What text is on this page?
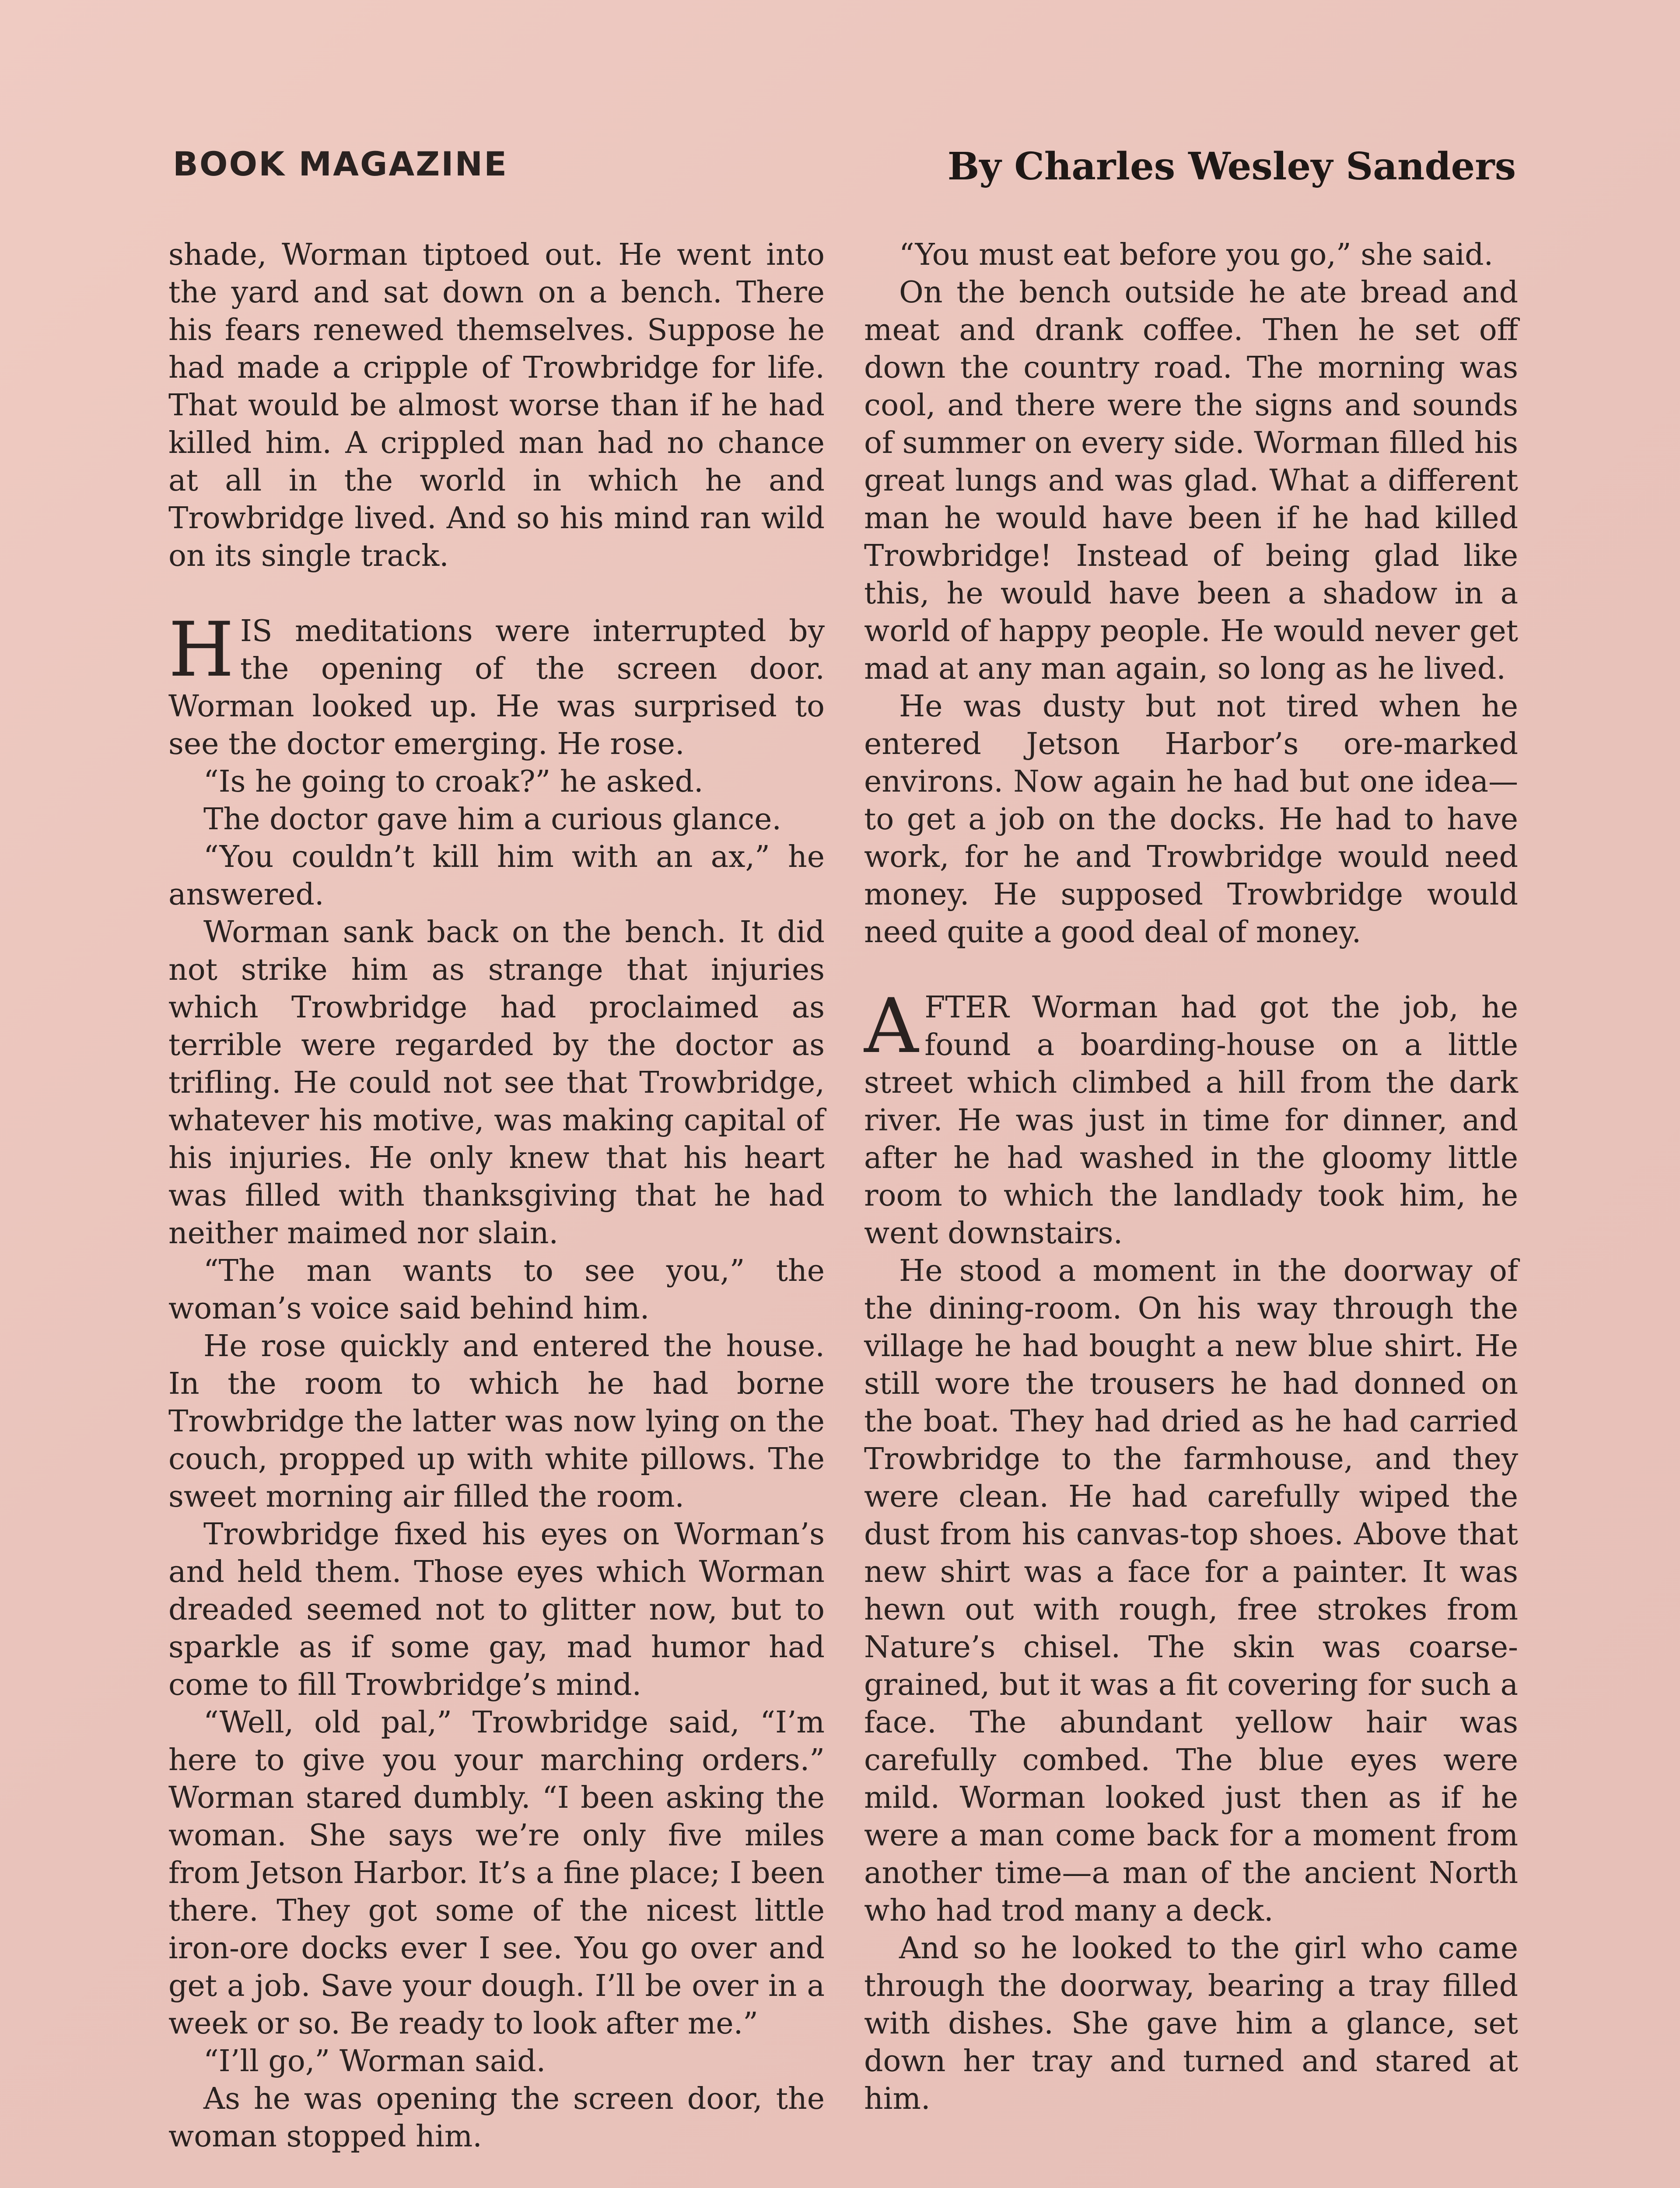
BOOK MAGAZINE	By Charles Wesley Sanders

shade, Worman tiptoed out. He went into the yard and sat down on a bench. There his fears renewed themselves. Suppose he had made a cripple of Trowbridge for life. That would be almost worse than if he had killed him. A crippled man had no chance at all in the world in which he and Trowbridge lived. And so his mind ran wild on its single track.

HIS meditations were interrupted by the opening of the screen door. Worman looked up. He was surprised to see the doctor emerging. He rose.

“Is he going to croak?” he asked.

The doctor gave him a curious glance.

“You couldn’t kill him with an ax,” he answered.

Worman sank back on the bench. It did not strike him as strange that injuries which Trowbridge had proclaimed as terrible were regarded by the doctor as trifling. He could not see that Trowbridge, whatever his motive, was making capital of his injuries. He only knew that his heart was filled with thanksgiving that he had neither maimed nor slain.

“The man wants to see you,” the woman’s voice said behind him.

He rose quickly and entered the house. In the room to which he had borne Trowbridge the latter was now lying on the couch, propped up with white pillows. The sweet morning air filled the room.

Trowbridge fixed his eyes on Worman’s and held them. Those eyes which Worman dreaded seemed not to glitter now, but to sparkle as if some gay, mad humor had come to fill Trowbridge’s mind.

“Well, old pal,” Trowbridge said, “I’m here to give you your marching orders.” Worman stared dumbly. “I been asking the woman. She says we’re only five miles from Jetson Harbor. It’s a fine place; I been there. They got some of the nicest little iron-ore docks ever I see. You go over and get a job. Save your dough. I’ll be over in a week or so. Be ready to look after me.”

“I’ll go,” Worman said.

As he was opening the screen door, the woman stopped him.

“You must eat before you go,” she said.

On the bench outside he ate bread and meat and drank coffee. Then he set off down the country road. The morning was cool, and there were the signs and sounds of summer on every side. Worman filled his great lungs and was glad. What a different man he would have been if he had killed Trowbridge! Instead of being glad like this, he would have been a shadow in a world of happy people. He would never get mad at any man again, so long as he lived.

He was dusty but not tired when he entered Jetson Harbor’s ore-marked environs. Now again he had but one idea—to get a job on the docks. He had to have work, for he and Trowbridge would need money. He supposed Trowbridge would need quite a good deal of money.

AFTER Worman had got the job, he found a boarding-house on a little street which climbed a hill from the dark river. He was just in time for dinner, and after he had washed in the gloomy little room to which the landlady took him, he went downstairs.

He stood a moment in the doorway of the dining-room. On his way through the village he had bought a new blue shirt. He still wore the trousers he had donned on the boat. They had dried as he had carried Trowbridge to the farmhouse, and they were clean. He had carefully wiped the dust from his canvas-top shoes. Above that new shirt was a face for a painter. It was hewn out with rough, free strokes from Nature’s chisel. The skin was coarse-grained, but it was a fit covering for such a face. The abundant yellow hair was carefully combed. The blue eyes were mild. Worman looked just then as if he were a man come back for a moment from another time—a man of the ancient North who had trod many a deck.

And so he looked to the girl who came through the doorway, bearing a tray filled with dishes. She gave him a glance, set down her tray and turned and stared at him.
